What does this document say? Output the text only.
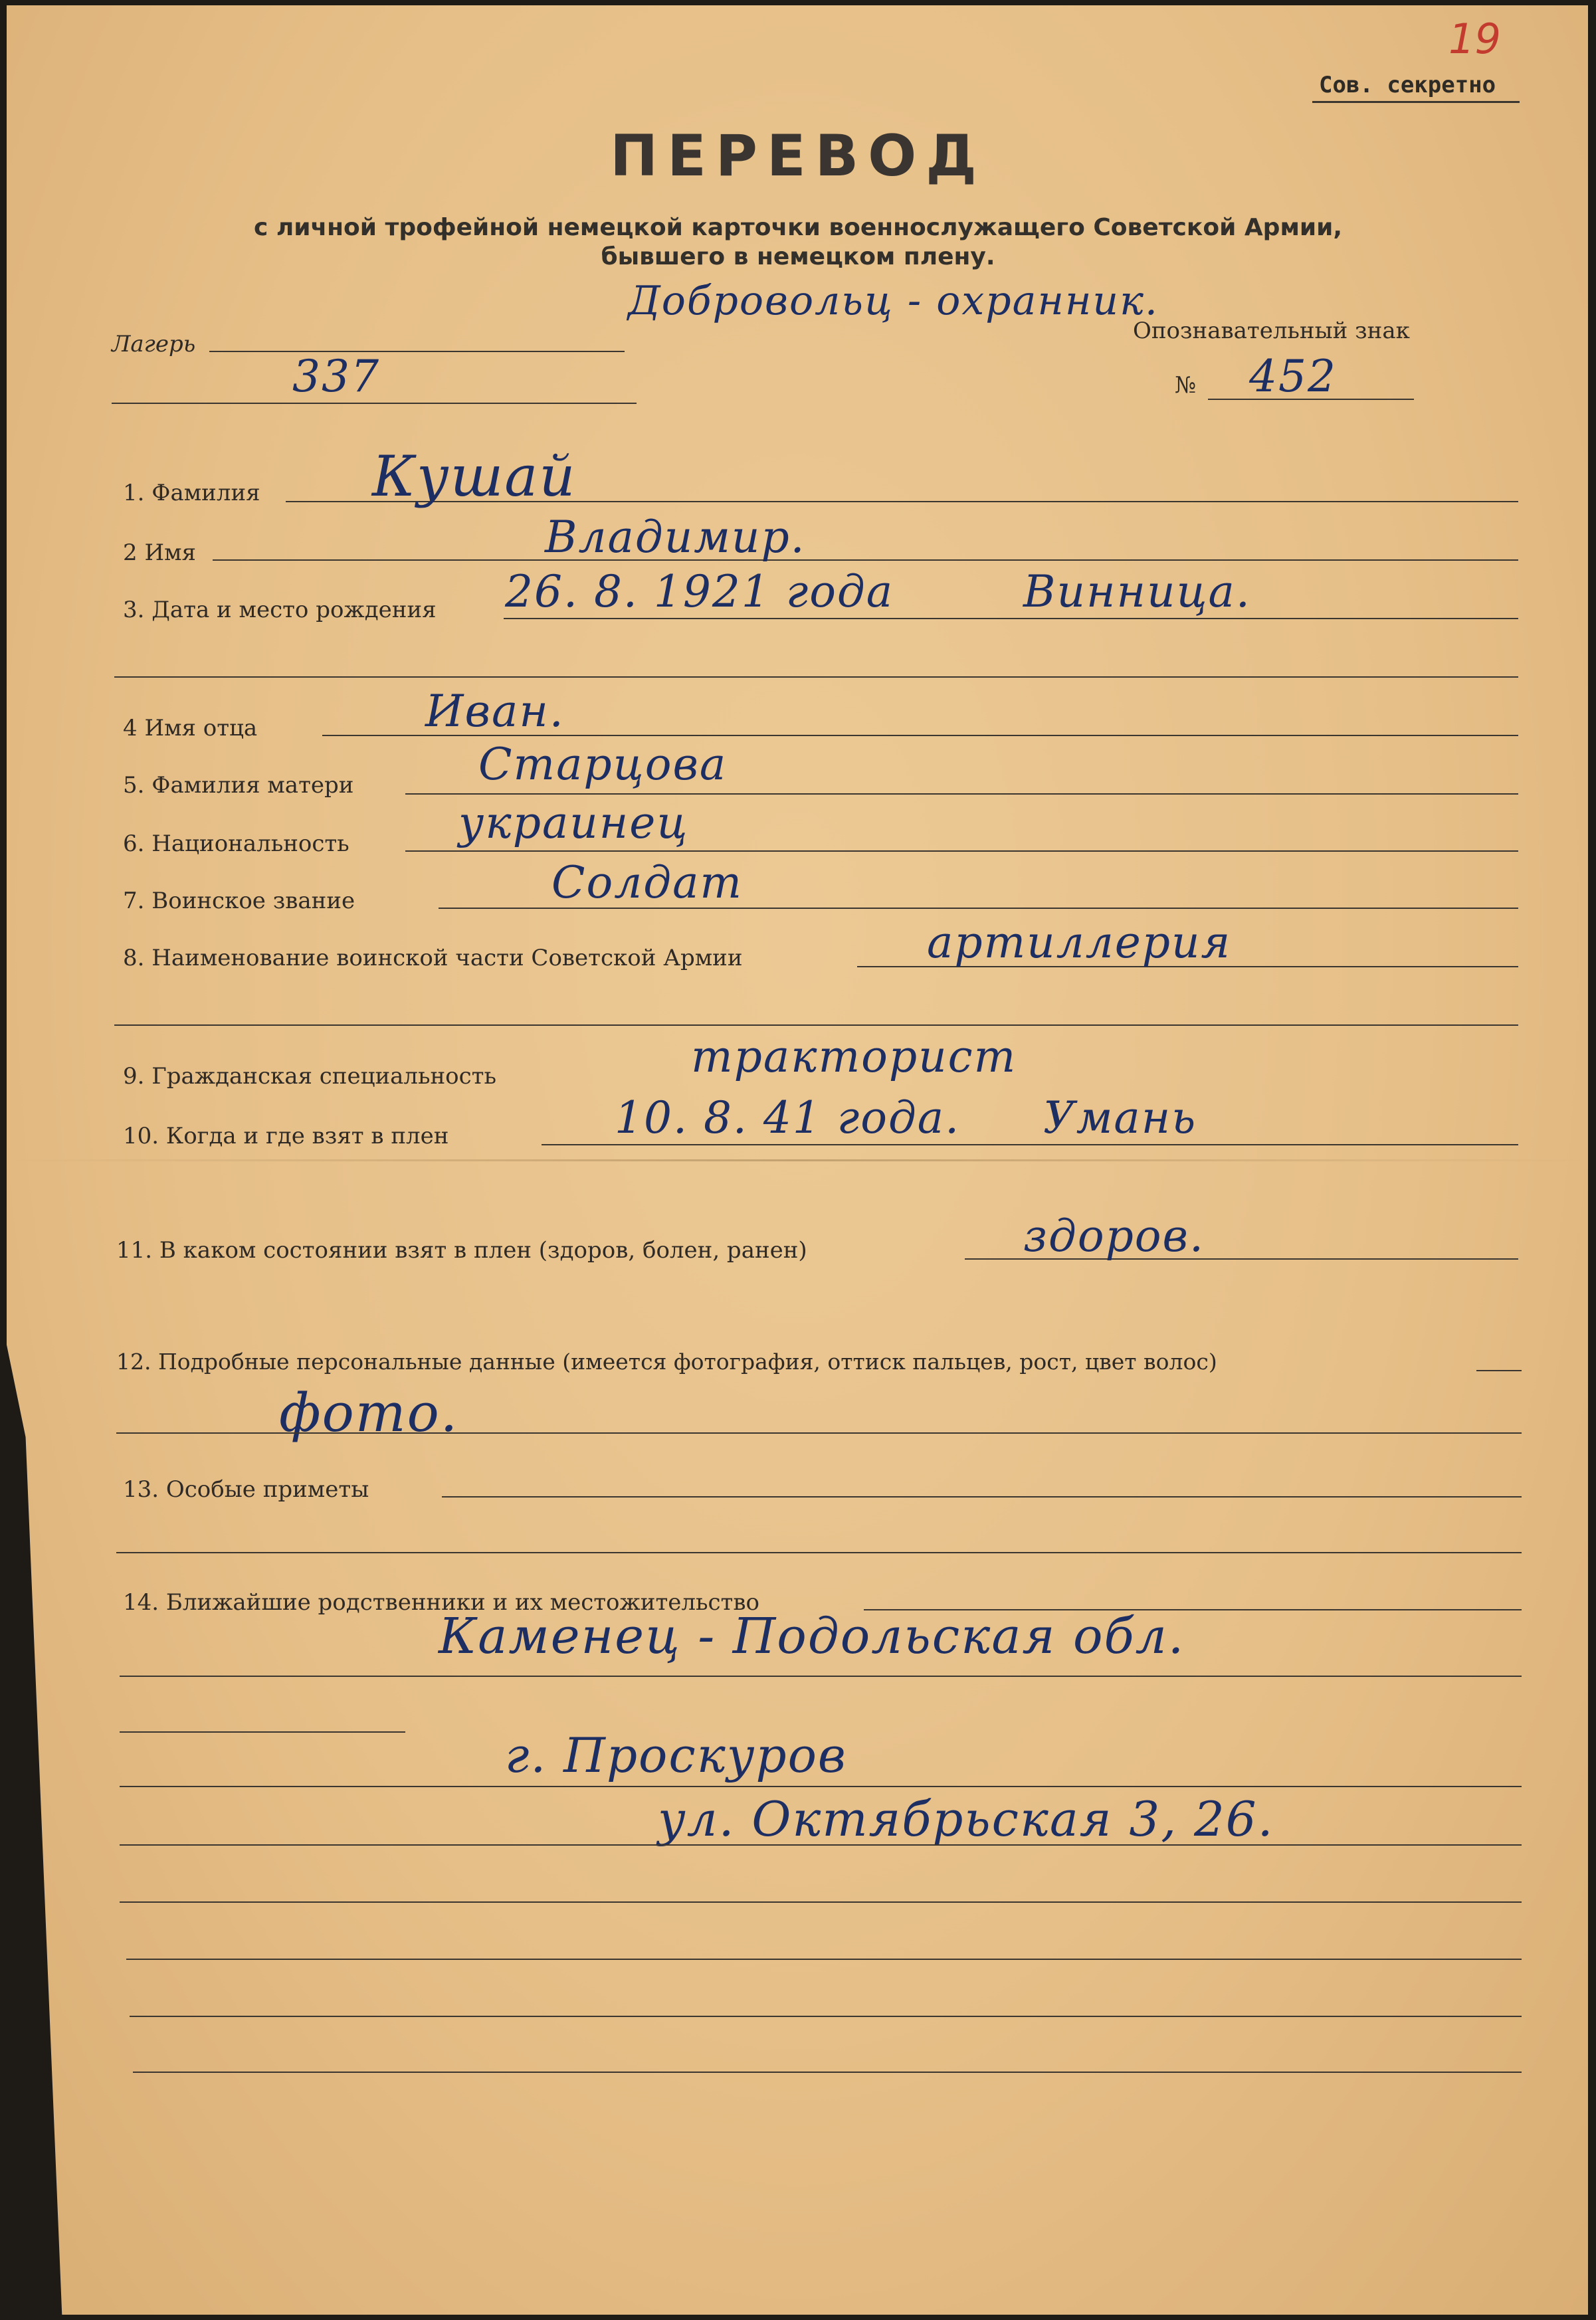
19
Сов. секретно
ПЕРЕВОД
с личной трофейной немецкой карточки военнослужащего Советской Армии,
бывшего в немецком плену.
Добровольц - охранник.
Лагерь
337
Опознавательный знак
№ 452
1. Фамилия Кушай
2 Имя	Владимир.
3. Дата и место рождения 26. 8. 1921 года	Винница.
4 Имя отца	Иван.
5. Фамилия матери	Старцова
6. Национальность украинец
7. Воинское звание	Солдат
8. Наименование воинской части Советской Армии	артиллерия
9. Гражданская специальность	тракторист
10. Когда и где взят в плен	10. 8. 41 года. Умань
11. В каком состоянии взят в плен (здоров, болен, ранен)	здоров.
12. Подробные персональные данные (имеется фотография, оттиск пальцев, рост, цвет волос)
фото.
13. Особые приметы
14. Ближайшие родственники и их местожительство
Каменец - Подольская обл.
г. Проскуров
ул. Октябрьская 3, 26.
